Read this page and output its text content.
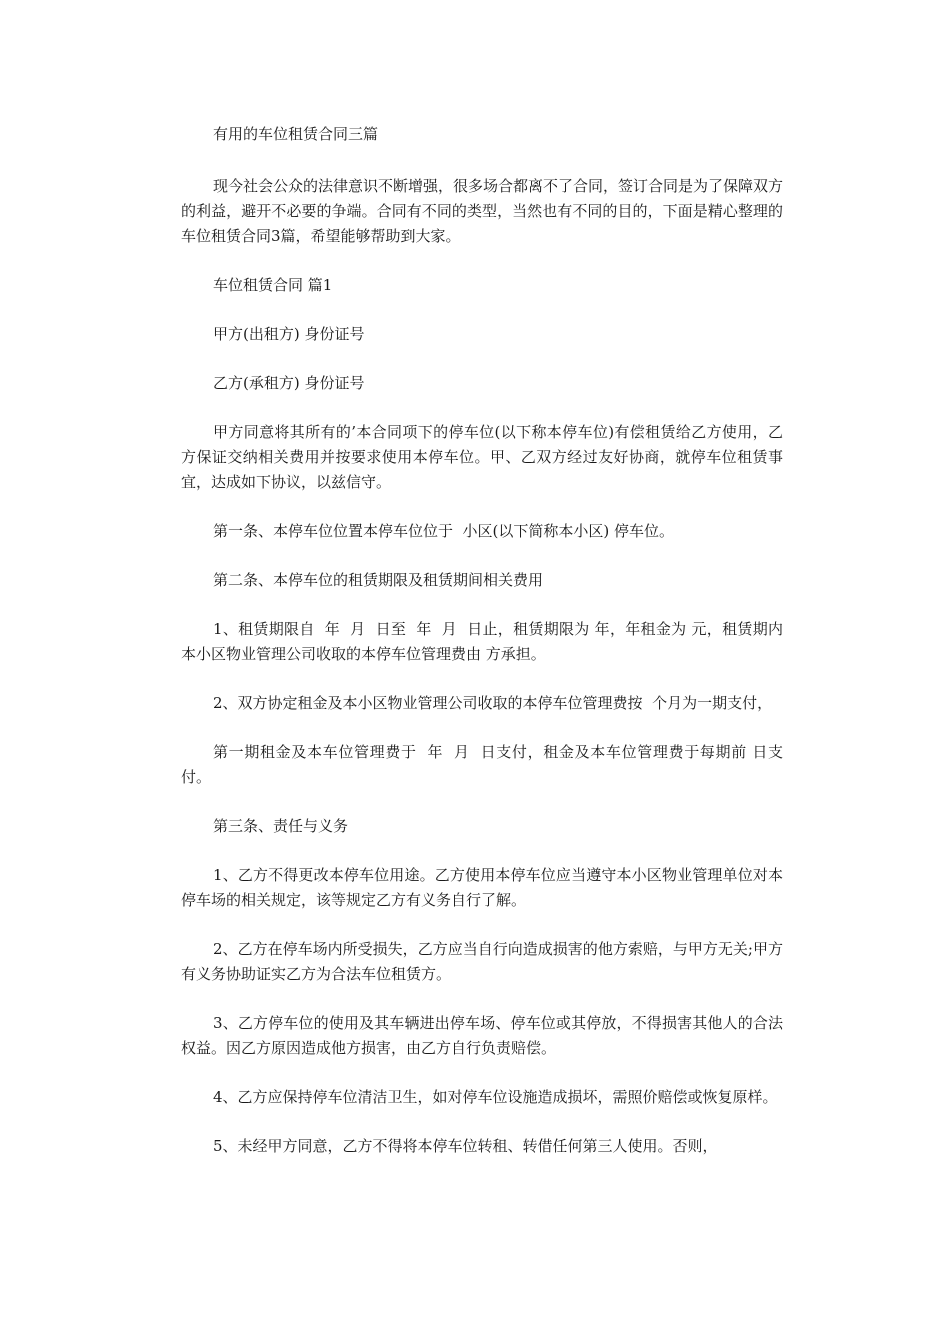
有用的车位租赁合同三篇

现今社会公众的法律意识不断增强，很多场合都离不了合同，签订合同是为了保障双方的利益，避开不必要的争端。合同有不同的类型，当然也有不同的目的，下面是精心整理的车位租赁合同3篇，希望能够帮助到大家。

车位租赁合同 篇1

甲方(出租方) 身份证号

乙方(承租方) 身份证号

甲方同意将其所有的’本合同项下的停车位(以下称本停车位)有偿租赁给乙方使用，乙方保证交纳相关费用并按要求使用本停车位。甲、乙双方经过友好协商，就停车位租赁事宜，达成如下协议，以兹信守。

第一条、本停车位位置本停车位位于  小区(以下简称本小区) 停车位。

第二条、本停车位的租赁期限及租赁期间相关费用

1、租赁期限自  年  月  日至  年  月  日止，租赁期限为 年，年租金为 元，租赁期内本小区物业管理公司收取的本停车位管理费由 方承担。

2、双方协定租金及本小区物业管理公司收取的本停车位管理费按  个月为一期支付，

第一期租金及本车位管理费于  年  月  日支付，租金及本车位管理费于每期前 日支付。

第三条、责任与义务

1、乙方不得更改本停车位用途。乙方使用本停车位应当遵守本小区物业管理单位对本停车场的相关规定，该等规定乙方有义务自行了解。

2、乙方在停车场内所受损失，乙方应当自行向造成损害的他方索赔，与甲方无关;甲方有义务协助证实乙方为合法车位租赁方。

3、乙方停车位的使用及其车辆进出停车场、停车位或其停放，不得损害其他人的合法权益。因乙方原因造成他方损害，由乙方自行负责赔偿。

4、乙方应保持停车位清洁卫生，如对停车位设施造成损坏，需照价赔偿或恢复原样。

5、未经甲方同意，乙方不得将本停车位转租、转借任何第三人使用。否则，
